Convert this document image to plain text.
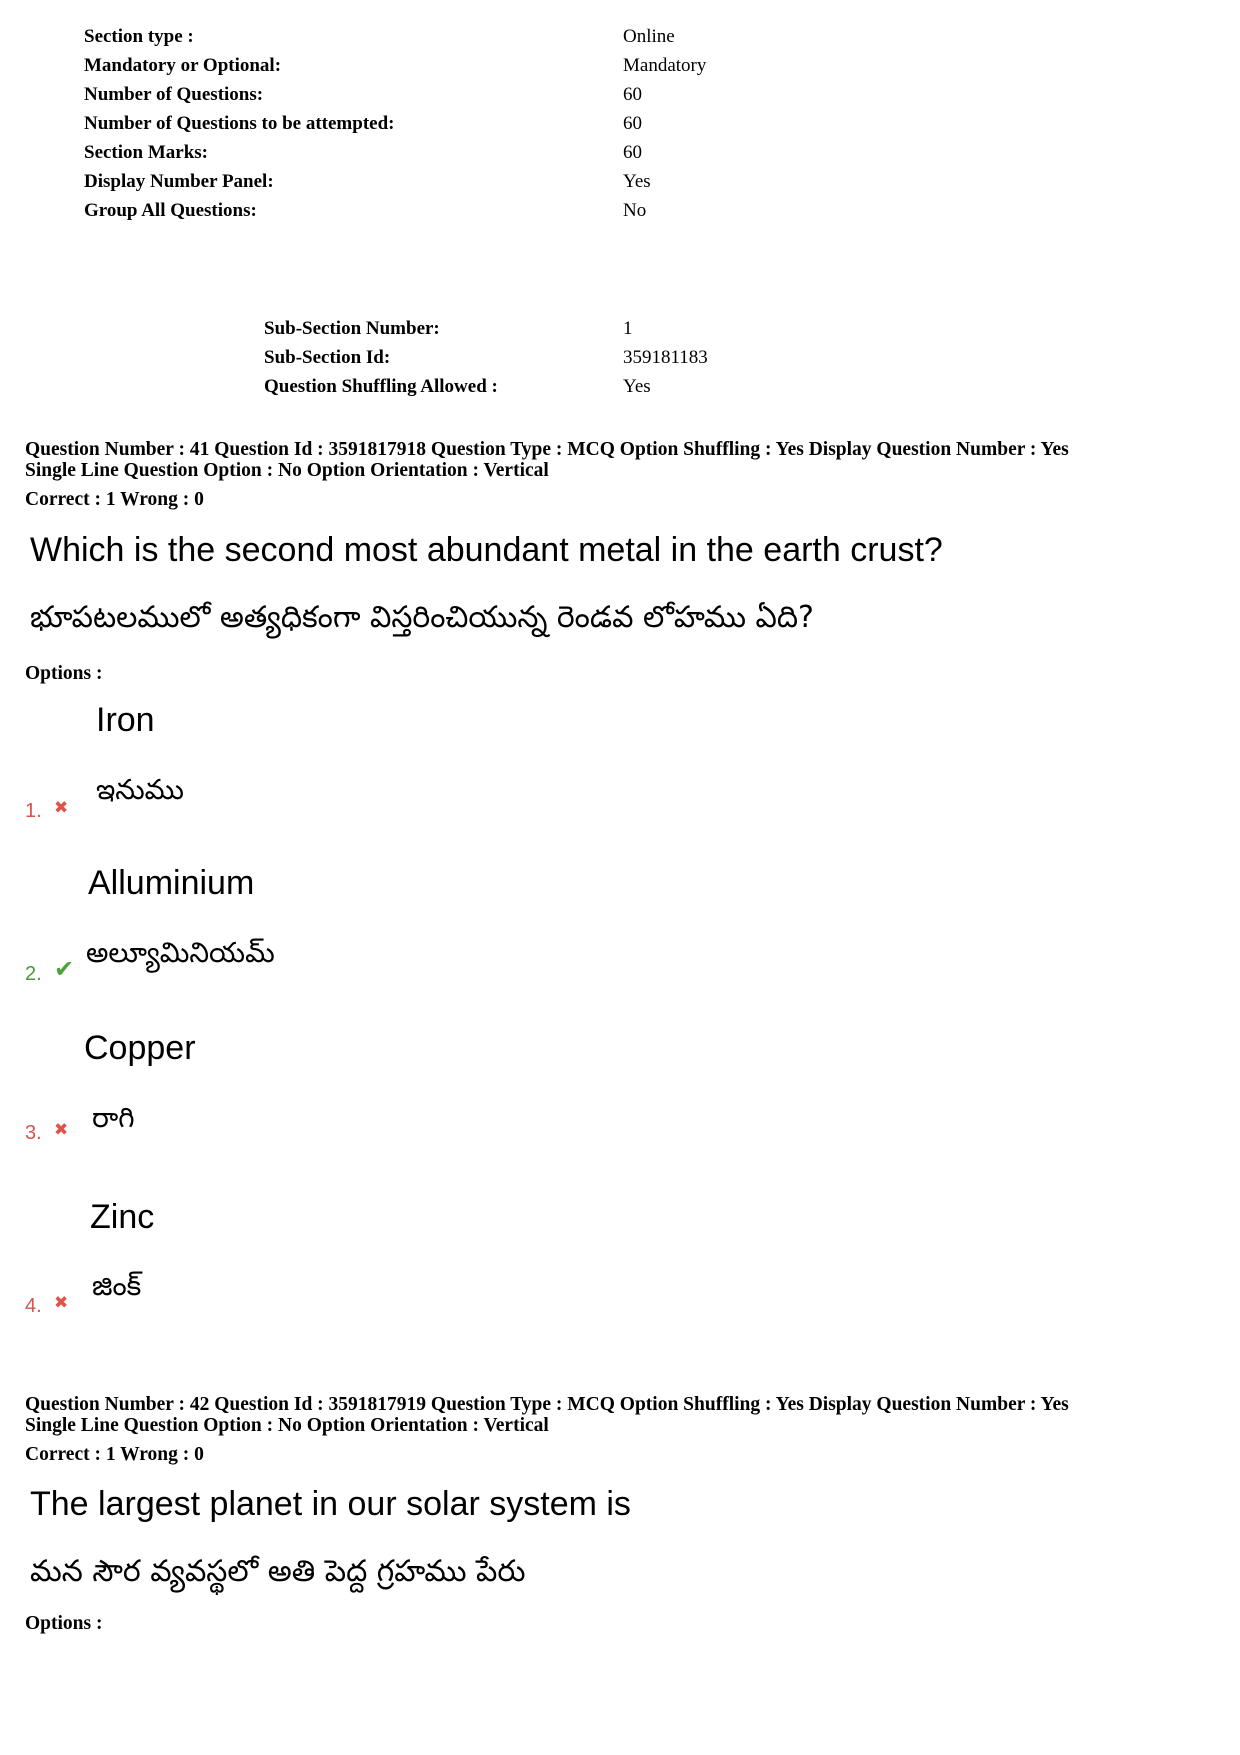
Section type :	Online
Mandatory or Optional:	Mandatory
Number of Questions:	60
Number of Questions to be attempted:	60
Section Marks:	60
Display Number Panel:	Yes
Group All Questions:	No
Sub-Section Number:	1
Sub-Section Id:	359181183
Question Shuffling Allowed :	Yes
Question Number : 41 Question Id : 3591817918 Question Type : MCQ Option Shuffling : Yes Display Question Number : Yes
Single Line Question Option : No Option Orientation : Vertical
Correct : 1 Wrong : 0
Which is the second most abundant metal in the earth crust?
భూపటలములో అత్యధికంగా విస్తరించియున్న రెండవ లోహము ఏది?
Options :
Iron
ఇనుము
1. ✖
Alluminium
అల్యూమినియమ్
2. ✔
Copper
రాగి
3. ✖
Zinc
జింక్
4. ✖
Question Number : 42 Question Id : 3591817919 Question Type : MCQ Option Shuffling : Yes Display Question Number : Yes
Single Line Question Option : No Option Orientation : Vertical
Correct : 1 Wrong : 0
The largest planet in our solar system is
మన సౌర వ్యవస్థలో అతి పెద్ద గ్రహము పేరు
Options :
